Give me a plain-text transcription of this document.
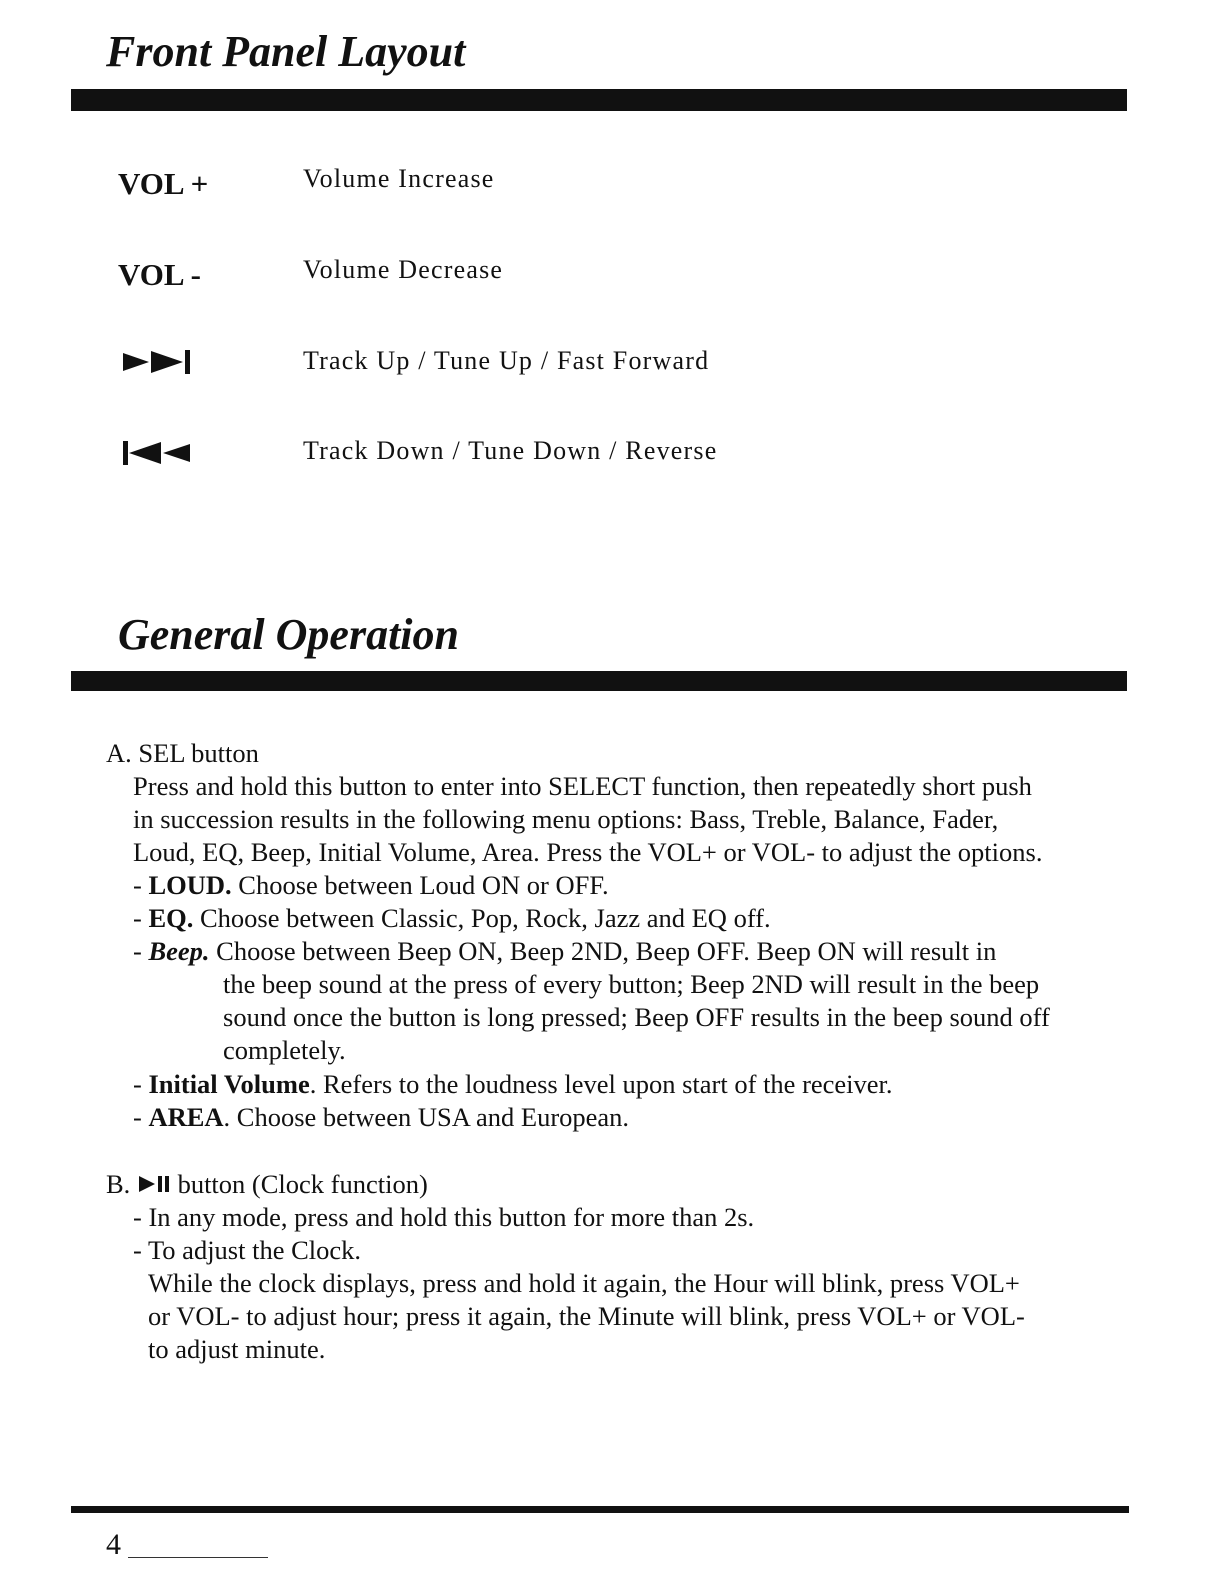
Front Panel Layout
VOL +	Volume Increase
VOL -	Volume Decrease
Track Up / Tune Up / Fast Forward
Track Down / Tune Down / Reverse
General Operation
A. SEL button
Press and hold this button to enter into SELECT function, then repeatedly short push
in succession results in the following menu options: Bass, Treble, Balance, Fader,
Loud, EQ, Beep, Initial Volume, Area. Press the VOL+ or VOL- to adjust the options.
- LOUD. Choose between Loud ON or OFF.
- EQ. Choose between Classic, Pop, Rock, Jazz and EQ off.
- Beep. Choose between Beep ON, Beep 2ND, Beep OFF. Beep ON will result in
the beep sound at the press of every button; Beep 2ND will result in the beep
sound once the button is long pressed; Beep OFF results in the beep sound off
completely.
- Initial Volume. Refers to the loudness level upon start of the receiver.
- AREA. Choose between USA and European.
B. button (Clock function)
- In any mode, press and hold this button for more than 2s.
- To adjust the Clock.
While the clock displays, press and hold it again, the Hour will blink, press VOL+
or VOL- to adjust hour; press it again, the Minute will blink, press VOL+ or VOL-
to adjust minute.
4
